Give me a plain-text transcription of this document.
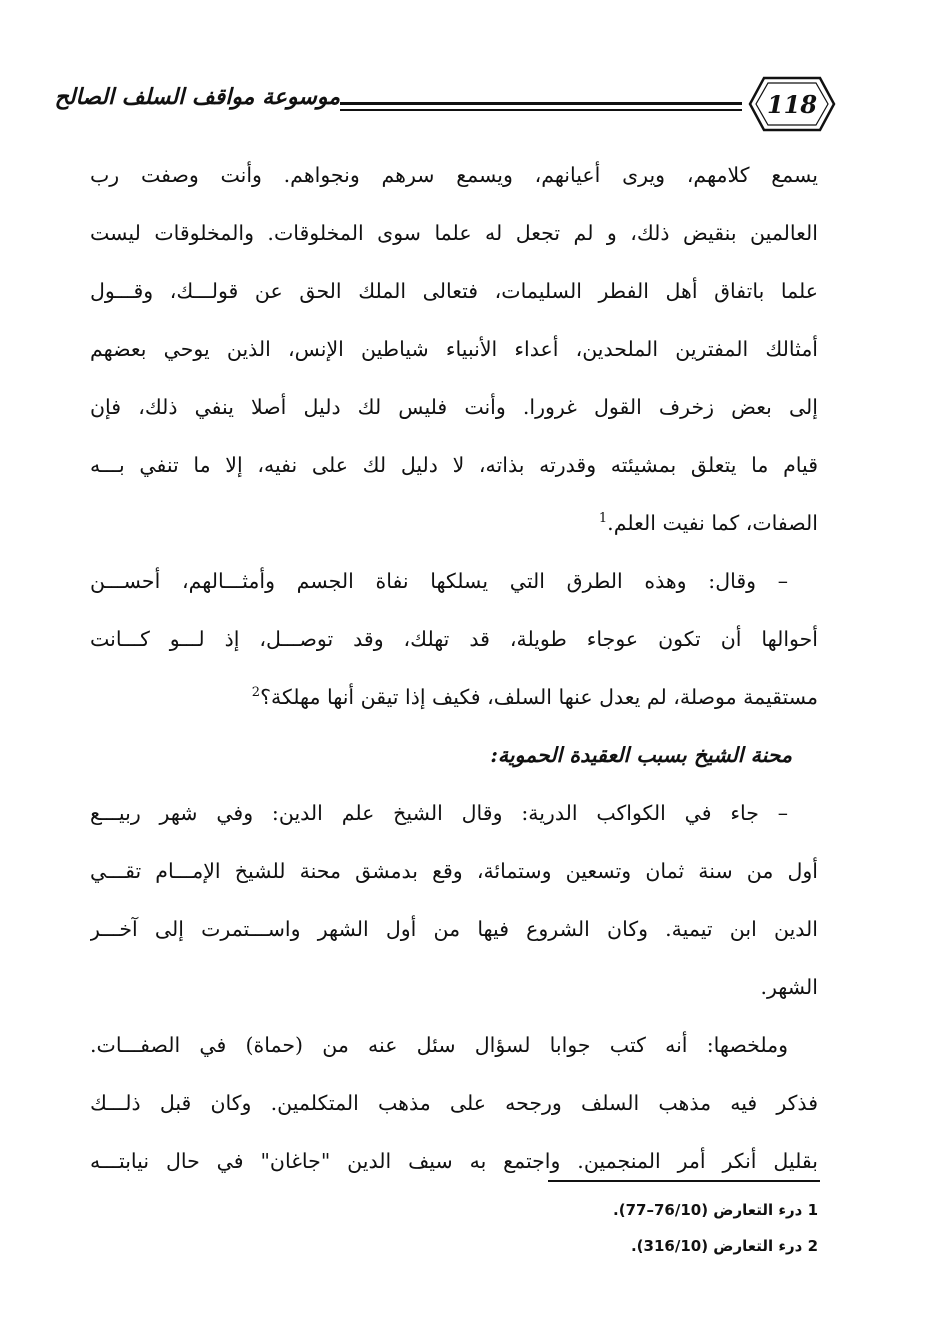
موسوعة مواقف السلف الصالح	118
يسمع كلامهم، ويرى أعيانهم، ويسمع سرهم ونجواهم. وأنت وصفت رب
العالمين بنقيض ذلك، و لم تجعل له علما سوى المخلوقات. والمخلوقات ليست
علما باتفاق أهل الفطر السليمات، فتعالى الملك الحق عن قولـــك، وقـــول
أمثالك المفترين الملحدين، أعداء الأنبياء شياطين الإنس، الذين يوحي بعضهم
إلى بعض زخرف القول غرورا. وأنت فليس لك دليل أصلا ينفي ذلك، فإن
قيام ما يتعلق بمشيئته وقدرته بذاته، لا دليل لك على نفيه، إلا ما تنفي بـــه
الصفات، كما نفيت العلم.$^1$
– وقال: وهذه الطرق التي يسلكها نفاة الجسم وأمثـــالهم، أحســـن
أحوالها أن تكون عوجاء طويلة، قد تهلك، وقد توصـــل، إذ لـــو كـــانت
مستقيمة موصلة، لم يعدل عنها السلف، فكيف إذا تيقن أنها مهلكة؟$^2$
محنة الشيخ بسبب العقيدة الحموية:
– جاء في الكواكب الدرية: وقال الشيخ علم الدين: وفي شهر ربيـــع
أول من سنة ثمان وتسعين وستمائة، وقع بدمشق محنة للشيخ الإمـــام تقـــي
الدين ابن تيمية. وكان الشروع فيها من أول الشهر واســـتمرت إلى آخـــر
الشهر.
وملخصها: أنه كتب جوابا لسؤال سئل عنه من (حماة) في الصفـــات.
فذكر فيه مذهب السلف ورجحه على مذهب المتكلمين. وكان قبل ذلـــك
بقليل أنكر أمر المنجمين. واجتمع به سيف الدين "جاغان" في حال نيابتـــه
1 درء التعارض (76/10–77).
2 درء التعارض (316/10).
